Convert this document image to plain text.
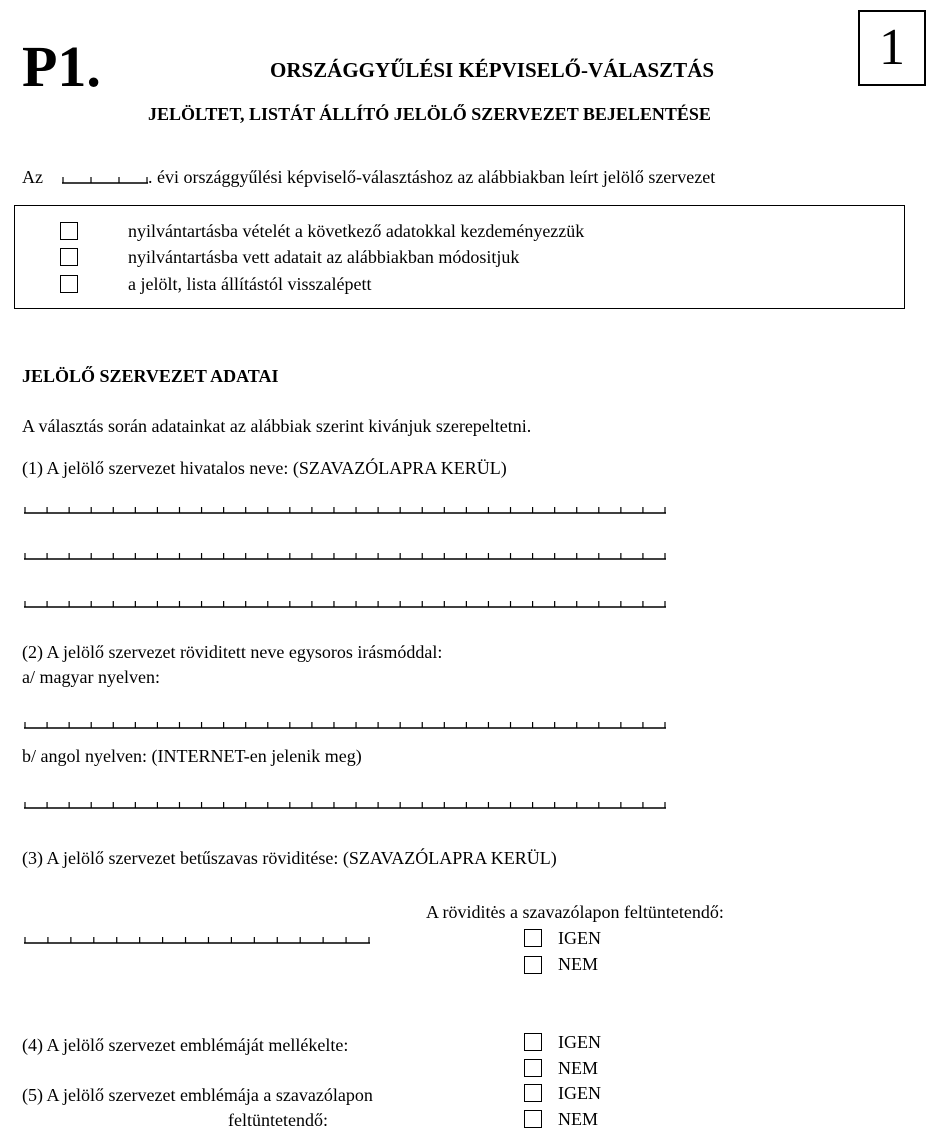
P1.	ORSZÁGGYŰLÉSI KÉPVISELŐ-VÁLASZTÁS	1
JELÖLTET, LISTÁT ÁLLÍTÓ JELÖLŐ SZERVEZET BEJELENTÉSE
Az	. évi országgyűlési képviselő-választáshoz az alábbiakban leírt jelölő szervezet
nyilvántartásba vételét a következő adatokkal kezdeményezzük
nyilvántartásba vett adatait az alábbiakban módositjuk
a jelölt, lista állítástól visszalépett
JELÖLŐ SZERVEZET ADATAI
A választás során adatainkat az alábbiak szerint kivánjuk szerepeltetni.
(1) A jelölő szervezet hivatalos neve: (SZAVAZÓLAPRA KERÜL)
(2) A jelölő szervezet röviditett neve egysoros irásmóddal:
a/ magyar nyelven:
b/ angol nyelven: (INTERNET-en jelenik meg)
(3) A jelölő szervezet betűszavas röviditése: (SZAVAZÓLAPRA KERÜL)
A röviditės a szavazólapon feltüntetendő:
IGEN
NEM
(4) A jelölő szervezet emblémáját mellékelte:	IGEN
NEM
(5) A jelölő szervezet emblémája a szavazólapon
feltüntetendő:
IGEN
NEM
